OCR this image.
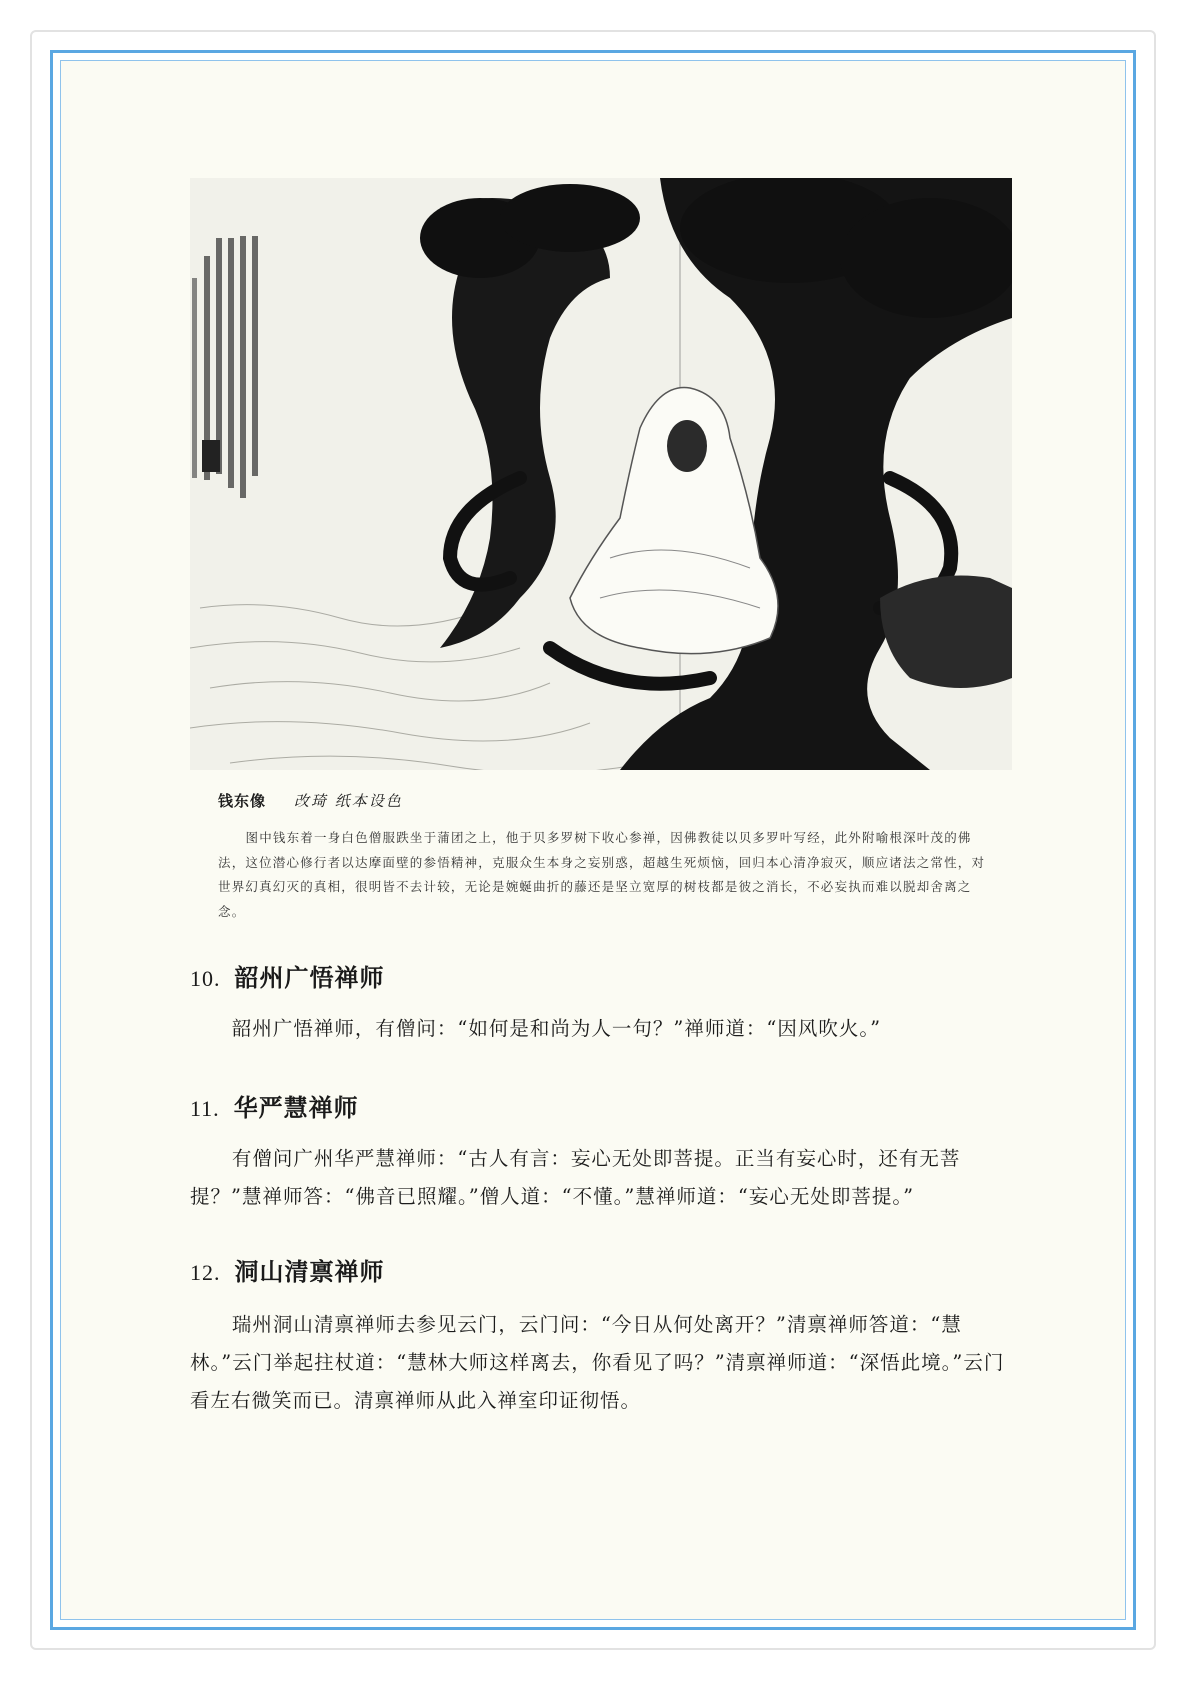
钱东像 改琦 纸本设色
图中钱东着一身白色僧服跌坐于蒲团之上，他于贝多罗树下收心参禅，因佛教徒以贝多罗叶写经，此外附喻根深叶茂的佛法，这位潜心修行者以达摩面壁的参悟精神，克服众生本身之妄别惑，超越生死烦恼，回归本心清净寂灭，顺应诸法之常性，对世界幻真幻灭的真相，很明皆不去计较，无论是婉蜒曲折的藤还是坚立宽厚的树枝都是彼之消长，不必妄执而难以脱却舍离之念。
10. 韶州广悟禅师
韶州广悟禅师，有僧问：“如何是和尚为人一句？”禅师道：“因风吹火。”
11. 华严慧禅师
有僧问广州华严慧禅师：“古人有言：妄心无处即菩提。正当有妄心时，还有无菩提？”慧禅师答：“佛音已照耀。”僧人道：“不懂。”慧禅师道：“妄心无处即菩提。”
12. 洞山清禀禅师
瑞州洞山清禀禅师去参见云门，云门问：“今日从何处离开？”清禀禅师答道：“慧林。”云门举起拄杖道：“慧林大师这样离去，你看见了吗？”清禀禅师道：“深悟此境。”云门看左右微笑而已。清禀禅师从此入禅室印证彻悟。
